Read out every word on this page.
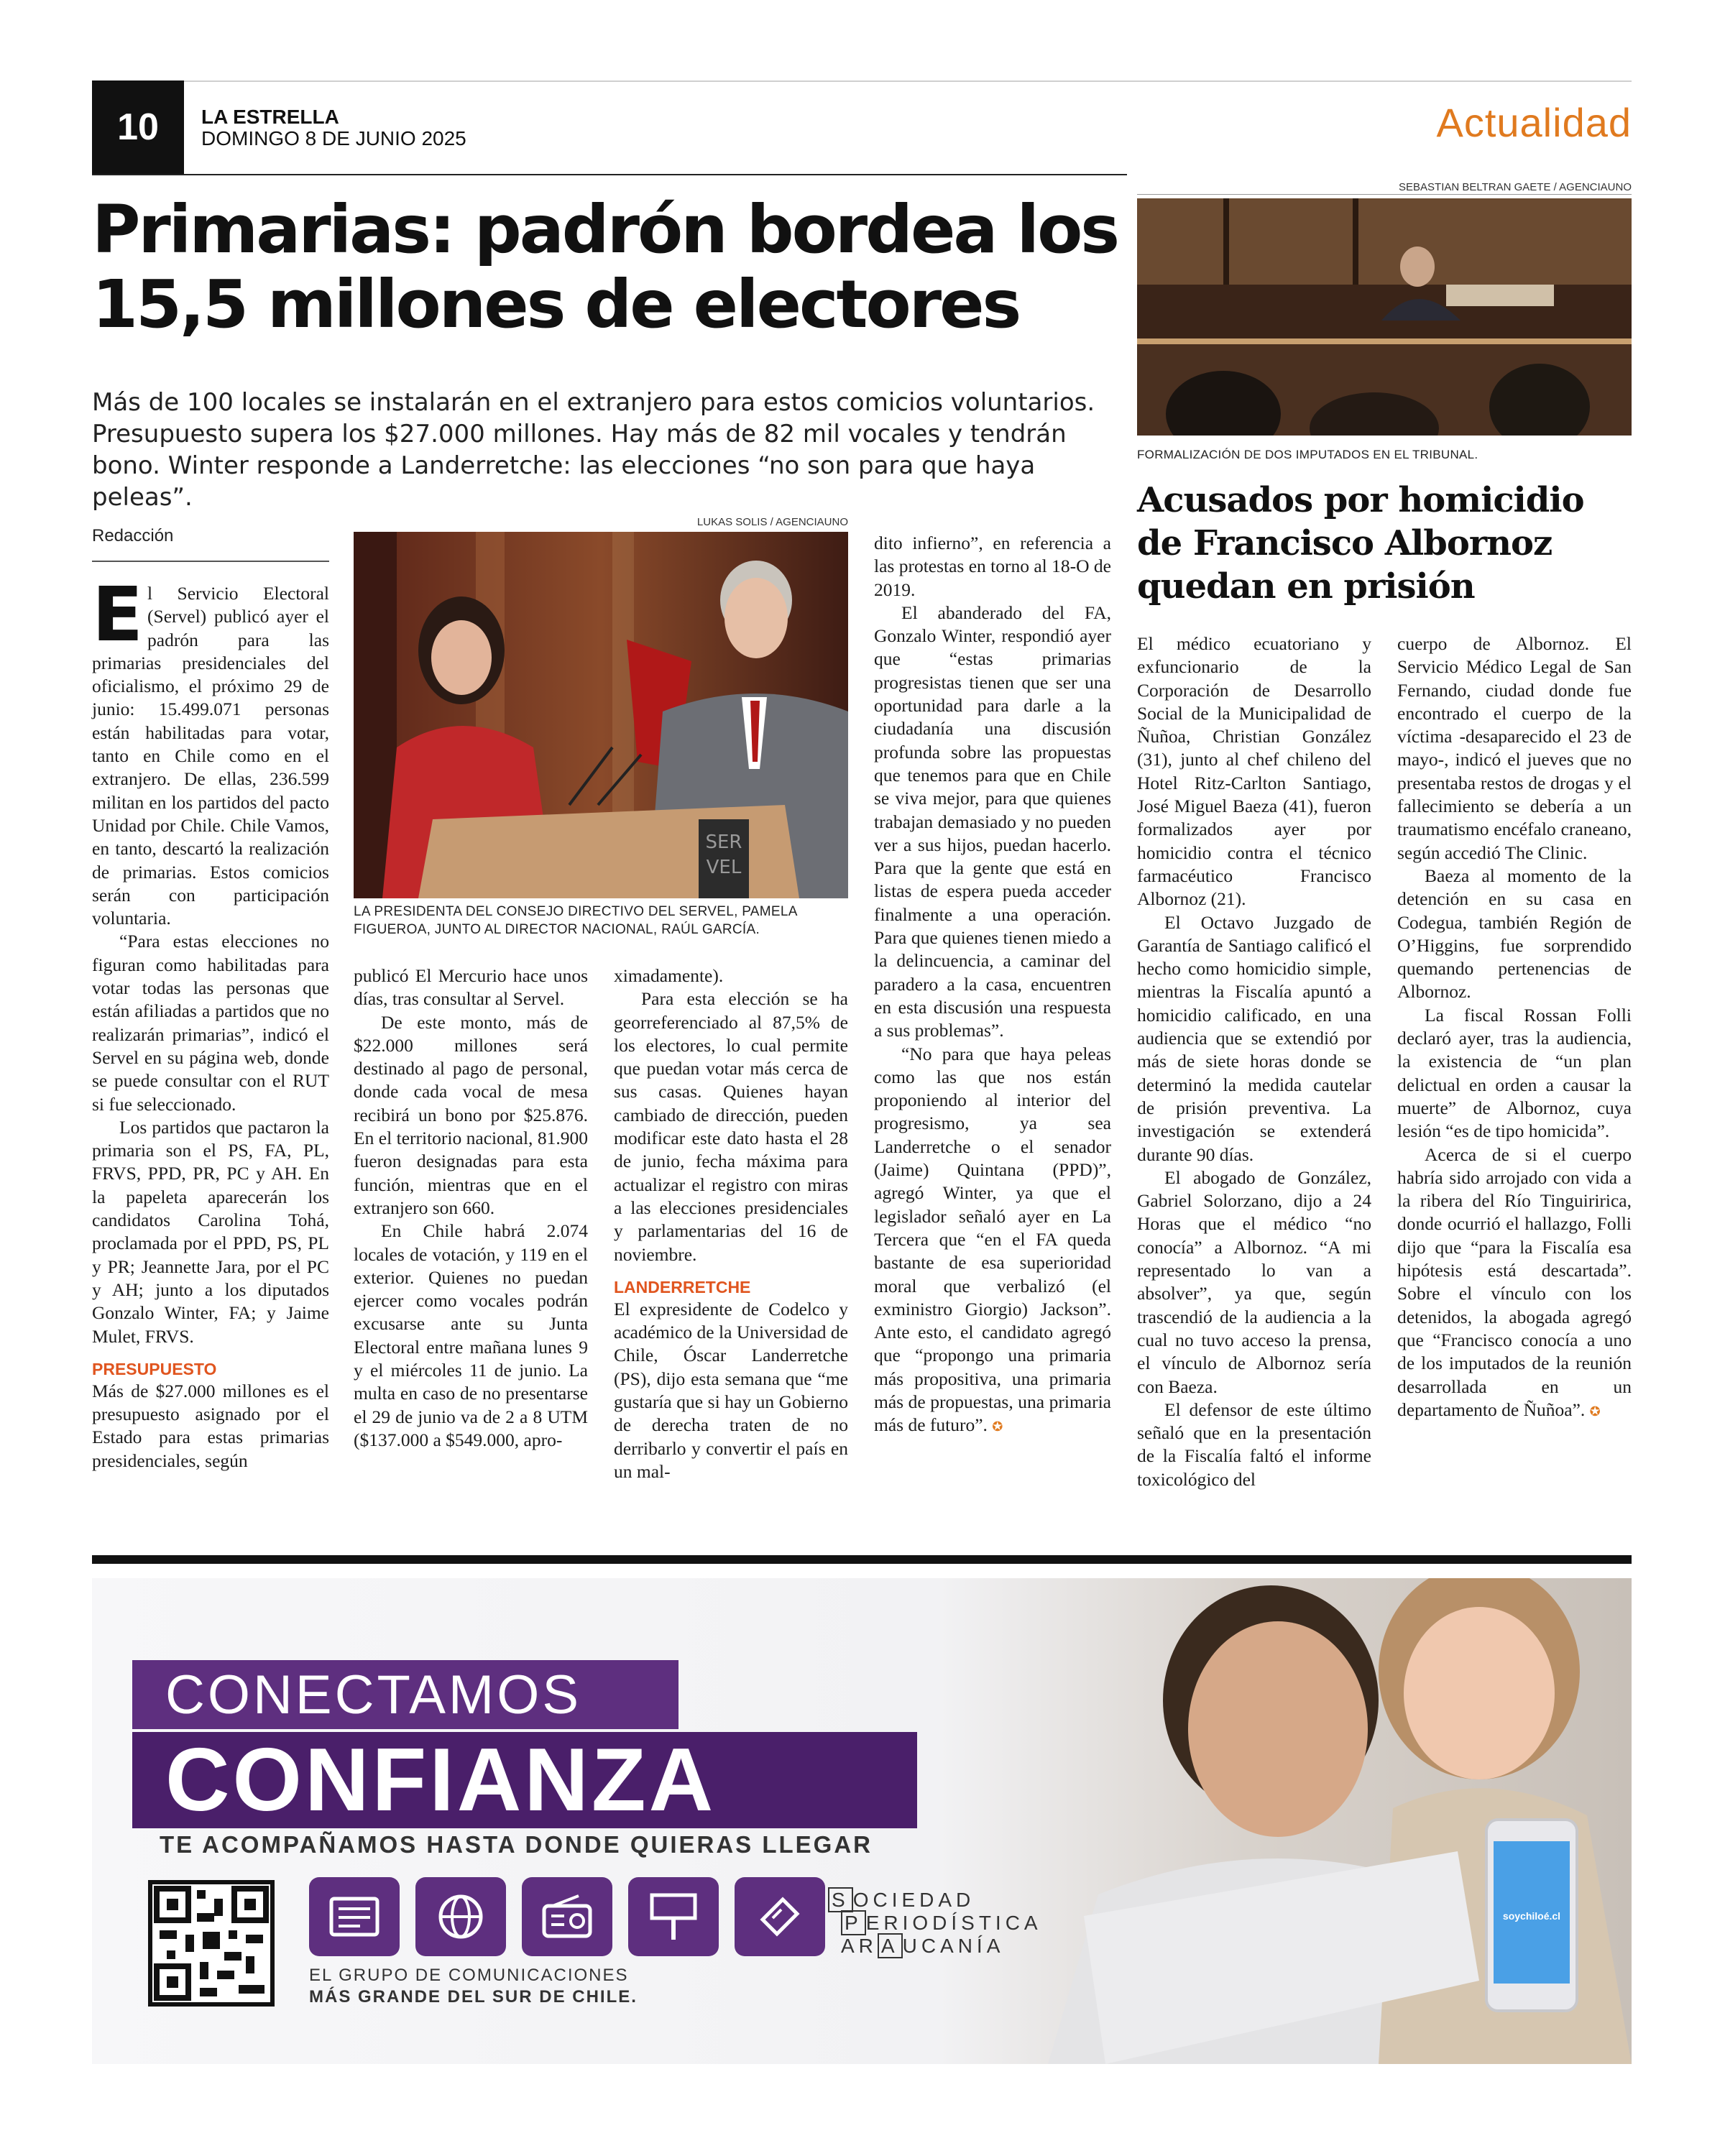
10	LA ESTRELLA
DOMINGO 8 DE JUNIO 2025	Actualidad
Primarias: padrón bordea los 15,5 millones de electores
Más de 100 locales se instalarán en el extranjero para estos comicios voluntarios. Presupuesto supera los $27.000 millones. Hay más de 82 mil vocales y tendrán bono. Winter responde a Landerretche: las elecciones “no son para que haya peleas”.
Redacción

El Servicio Electoral (Servel) publicó ayer el padrón para las primarias presidenciales del oficialismo, el próximo 29 de junio: 15.499.071 personas están habilitadas para votar, tanto en Chile como en el extranjero. De ellas, 236.599 militan en los partidos del pacto Unidad por Chile. Chile Vamos, en tanto, descartó la realización de primarias. Estos comicios serán con participación voluntaria.

“Para estas elecciones no figuran como habilitadas para votar todas las personas que están afiliadas a partidos que no realizarán primarias”, indicó el Servel en su página web, donde se puede consultar con el RUT si fue seleccionado.

Los partidos que pactaron la primaria son el PS, FA, PL, FRVS, PPD, PR, PC y AH. En la papeleta aparecerán los candidatos Carolina Tohá, proclamada por el PPD, PS, PL y PR; Jeannette Jara, por el PC y AH; junto a los diputados Gonzalo Winter, FA; y Jaime Mulet, FRVS.

PRESUPUESTO

Más de $27.000 millones es el presupuesto asignado por el Estado para estas primarias presidenciales, según

LUKAS SOLIS / AGENCIAUNO
SER
VEL
LA PRESIDENTA DEL CONSEJO DIRECTIVO DEL SERVEL, PAMELA FIGUEROA, JUNTO AL DIRECTOR NACIONAL, RAÚL GARCÍA.

publicó El Mercurio hace unos días, tras consultar al Servel.

De este monto, más de $22.000 millones será destinado al pago de personal, donde cada vocal de mesa recibirá un bono por $25.876. En el territorio nacional, 81.900 fueron designadas para esta función, mientras que en el extranjero son 660.

En Chile habrá 2.074 locales de votación, y 119 en el exterior. Quienes no puedan ejercer como vocales podrán excusarse ante su Junta Electoral entre mañana lunes 9 y el miércoles 11 de junio. La multa en caso de no presentarse el 29 de junio va de 2 a 8 UTM ($137.000 a $549.000, apro-

ximadamente).

Para esta elección se ha georreferenciado al 87,5% de los electores, lo cual permite que puedan votar más cerca de sus casas. Quienes hayan cambiado de dirección, pueden modificar este dato hasta el 28 de junio, fecha máxima para actualizar el registro con miras a las elecciones presidenciales y parlamentarias del 16 de noviembre.

LANDERRETCHE

El expresidente de Codelco y académico de la Universidad de Chile, Óscar Landerretche (PS), dijo esta semana que “me gustaría que si hay un Gobierno de derecha traten de no derribarlo y convertir el país en un mal-

dito infierno”, en referencia a las protestas en torno al 18-O de 2019.

El abanderado del FA, Gonzalo Winter, respondió ayer que “estas primarias progresistas tienen que ser una oportunidad para darle a la ciudadanía una discusión profunda sobre las propuestas que tenemos para que en Chile se viva mejor, para que quienes trabajan demasiado y no pueden ver a sus hijos, puedan hacerlo. Para que la gente que está en listas de espera pueda acceder finalmente a una operación. Para que quienes tienen miedo a la delincuencia, a caminar del paradero a la casa, encuentren en esta discusión una respuesta a sus problemas”.

“No para que haya peleas como las que nos están proponiendo al interior del progresismo, ya sea Landerretche o el senador (Jaime) Quintana (PPD)”, agregó Winter, ya que el legislador señaló ayer en La Tercera que “en el FA queda bastante de esa superioridad moral que verbalizó (el exministro Giorgio) Jackson”. Ante esto, el candidato agregó que “propongo una primaria más propositiva, una primaria más de propuestas, una primaria más de futuro”. ✪

SEBASTIAN BELTRAN GAETE / AGENCIAUNO
FORMALIZACIÓN DE DOS IMPUTADOS EN EL TRIBUNAL.
Acusados por homicidio de Francisco Albornoz quedan en prisión

El médico ecuatoriano y exfuncionario de la Corporación de Desarrollo Social de la Municipalidad de Ñuñoa, Christian González (31), junto al chef chileno del Hotel Ritz-Carlton Santiago, José Miguel Baeza (41), fueron formalizados ayer por homicidio contra el técnico farmacéutico Francisco Albornoz (21).

El Octavo Juzgado de Garantía de Santiago calificó el hecho como homicidio simple, mientras la Fiscalía apuntó a homicidio calificado, en una audiencia que se extendió por más de siete horas donde se determinó la medida cautelar de prisión preventiva. La investigación se extenderá durante 90 días.

El abogado de González, Gabriel Solorzano, dijo a 24 Horas que el médico “no conocía” a Albornoz. “A mi representado lo van a absolver”, ya que, según trascendió de la audiencia a la cual no tuvo acceso la prensa, el vínculo de Albornoz sería con Baeza.

El defensor de este último señaló que en la presentación de la Fiscalía faltó el informe toxicológico del

cuerpo de Albornoz. El Servicio Médico Legal de San Fernando, ciudad donde fue encontrado el cuerpo de la víctima -desaparecido el 23 de mayo-, indicó el jueves que no presentaba restos de drogas y el fallecimiento se debería a un traumatismo encéfalo craneano, según accedió The Clinic.

Baeza al momento de la detención en su casa en Codegua, también Región de O’Higgins, fue sorprendido quemando pertenencias de Albornoz.

La fiscal Rossan Folli declaró ayer, tras la audiencia, la existencia de “un plan delictual en orden a causar la muerte” de Albornoz, cuya lesión “es de tipo homicida”.

Acerca de si el cuerpo habría sido arrojado con vida a la ribera del Río Tinguiririca, donde ocurrió el hallazgo, Folli dijo que “para la Fiscalía esa hipótesis está descartada”. Sobre el vínculo con los detenidos, la abogada agregó que “Francisco conocía a uno de los imputados de la reunión desarrollada en un departamento de Ñuñoa”. ✪

CONECTAMOS
CONFIANZA
TE ACOMPAÑAMOS HASTA DONDE QUIERAS LLEGAR
EL GRUPO DE COMUNICACIONES
MÁS GRANDE DEL SUR DE CHILE.
S OCIEDAD
P ERIODÍSTICA
AR A UCANÍA
soychiloé.cl
